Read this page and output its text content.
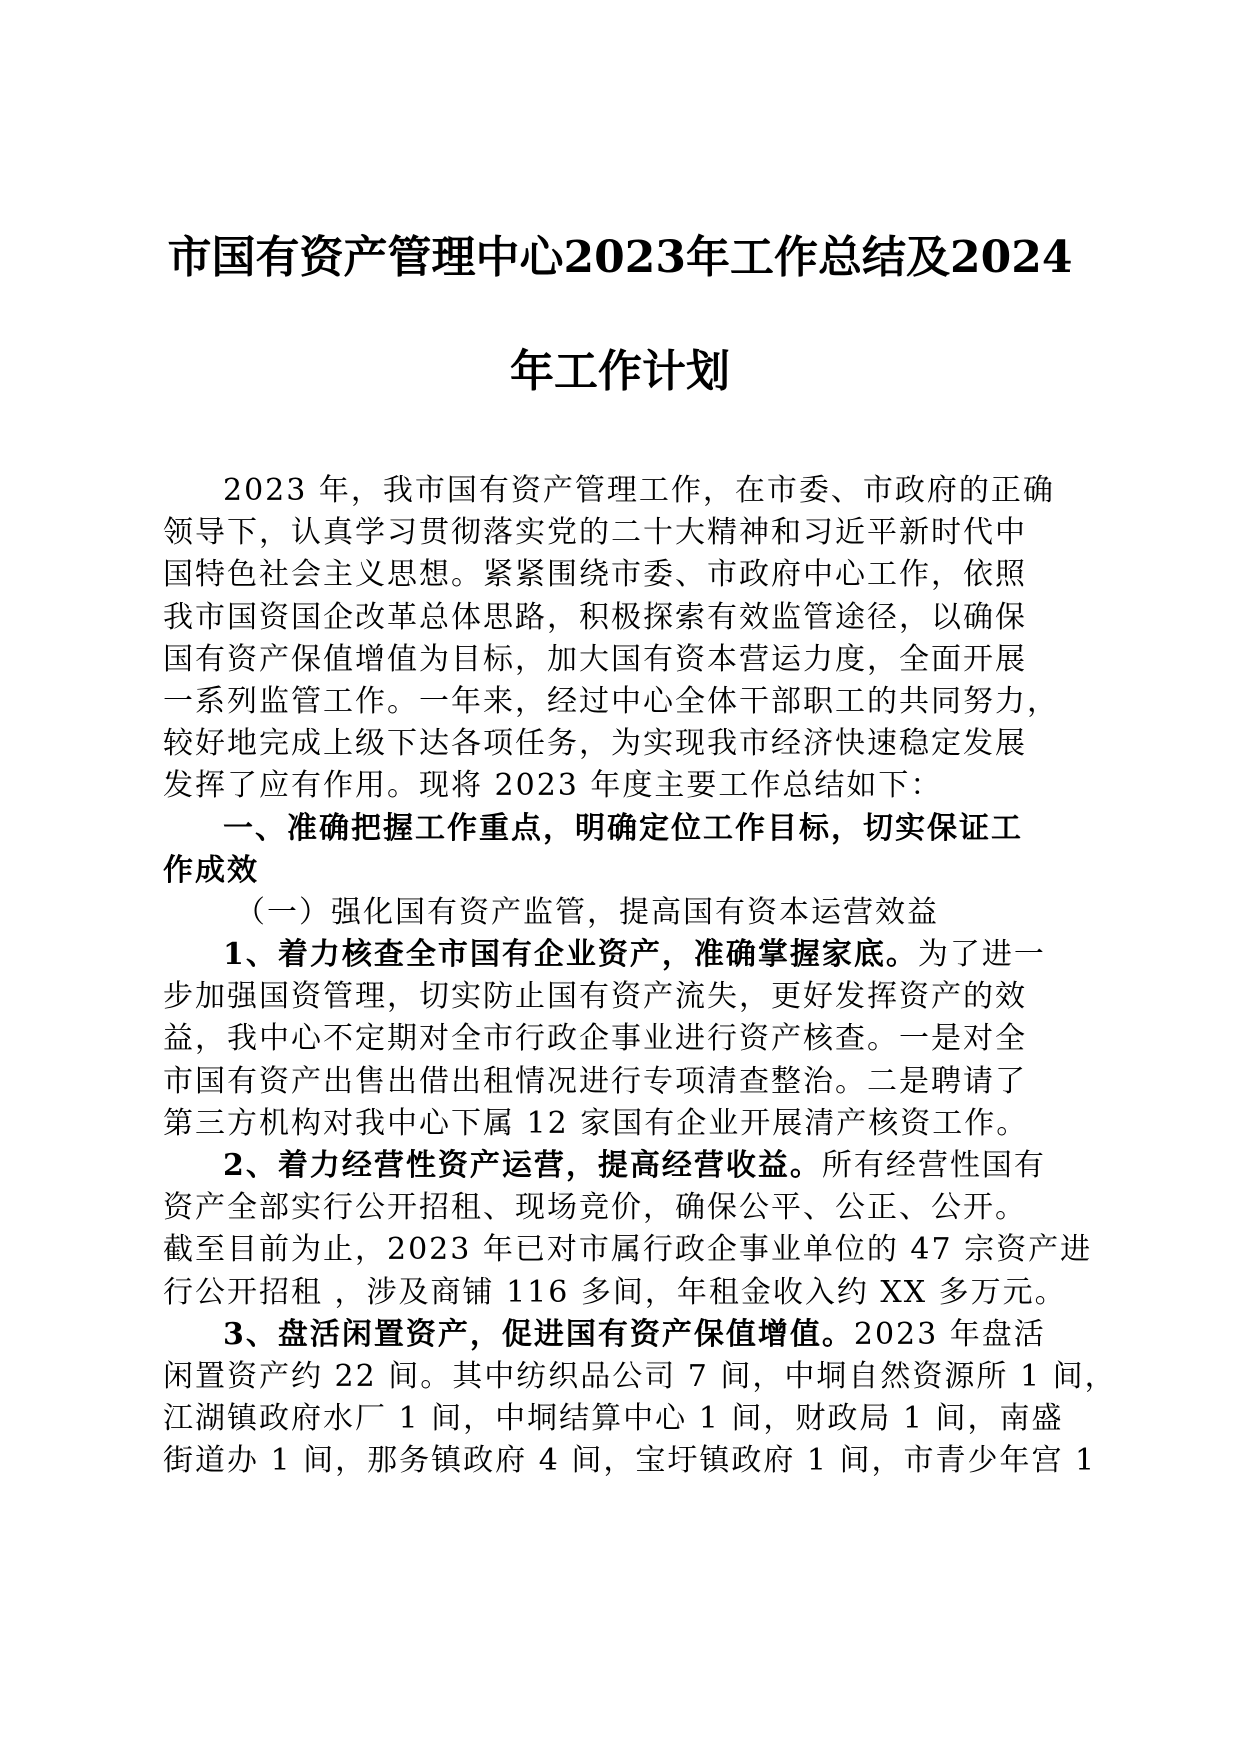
市国有资产管理中心2023年工作总结及2024
年工作计划
2023 年，我市国有资产管理工作，在市委、市政府的正确
领导下，认真学习贯彻落实党的二十大精神和习近平新时代中
国特色社会主义思想。紧紧围绕市委、市政府中心工作，依照
我市国资国企改革总体思路，积极探索有效监管途径，以确保
国有资产保值增值为目标，加大国有资本营运力度，全面开展
一系列监管工作。一年来，经过中心全体干部职工的共同努力，
较好地完成上级下达各项任务，为实现我市经济快速稳定发展
发挥了应有作用。现将 2023 年度主要工作总结如下：
一、准确把握工作重点，明确定位工作目标，切实保证工
作成效
（一）强化国有资产监管，提高国有资本运营效益
1、着力核查全市国有企业资产，准确掌握家底。为了进一
步加强国资管理，切实防止国有资产流失，更好发挥资产的效
益，我中心不定期对全市行政企事业进行资产核查。一是对全
市国有资产出售出借出租情况进行专项清查整治。二是聘请了
第三方机构对我中心下属 12 家国有企业开展清产核资工作。
2、着力经营性资产运营，提高经营收益。所有经营性国有
资产全部实行公开招租、现场竞价，确保公平、公正、公开。
截至目前为止，2023 年已对市属行政企事业单位的 47 宗资产进
行公开招租 ，涉及商铺 116 多间，年租金收入约 XX 多万元。
3、盘活闲置资产，促进国有资产保值增值。2023 年盘活
闲置资产约 22 间。其中纺织品公司 7 间，中垌自然资源所 1 间，
江湖镇政府水厂 1 间，中垌结算中心 1 间，财政局 1 间，南盛
街道办 1 间，那务镇政府 4 间，宝圩镇政府 1 间，市青少年宫 1
